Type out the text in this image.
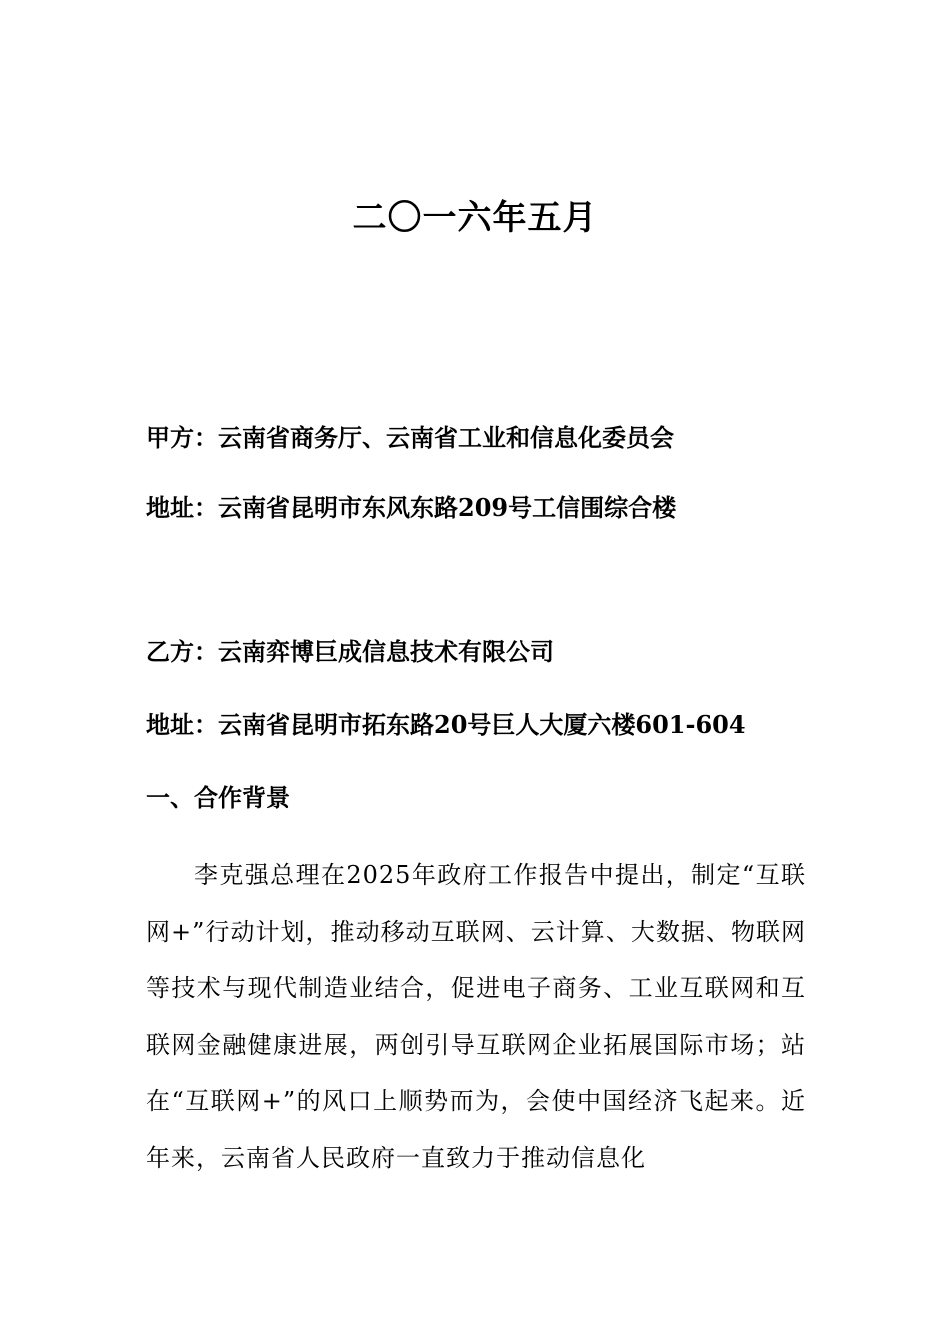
二〇一六年五月
甲方：云南省商务厅、云南省工业和信息化委员会
地址：云南省昆明市东风东路209号工信围综合楼
乙方：云南弈博巨成信息技术有限公司
地址：云南省昆明市拓东路20号巨人大厦六楼601-604
一、合作背景
李克强总理在2025年政府工作报告中提出，制定“互联网+”行动计划，推动移动互联网、云计算、大数据、物联网等技术与现代制造业结合，促进电子商务、工业互联网和互联网金融健康进展，两创引导互联网企业拓展国际市场；站在“互联网+”的风口上顺势而为，会使中国经济飞起来。近年来，云南省人民政府一直致力于推动信息化
